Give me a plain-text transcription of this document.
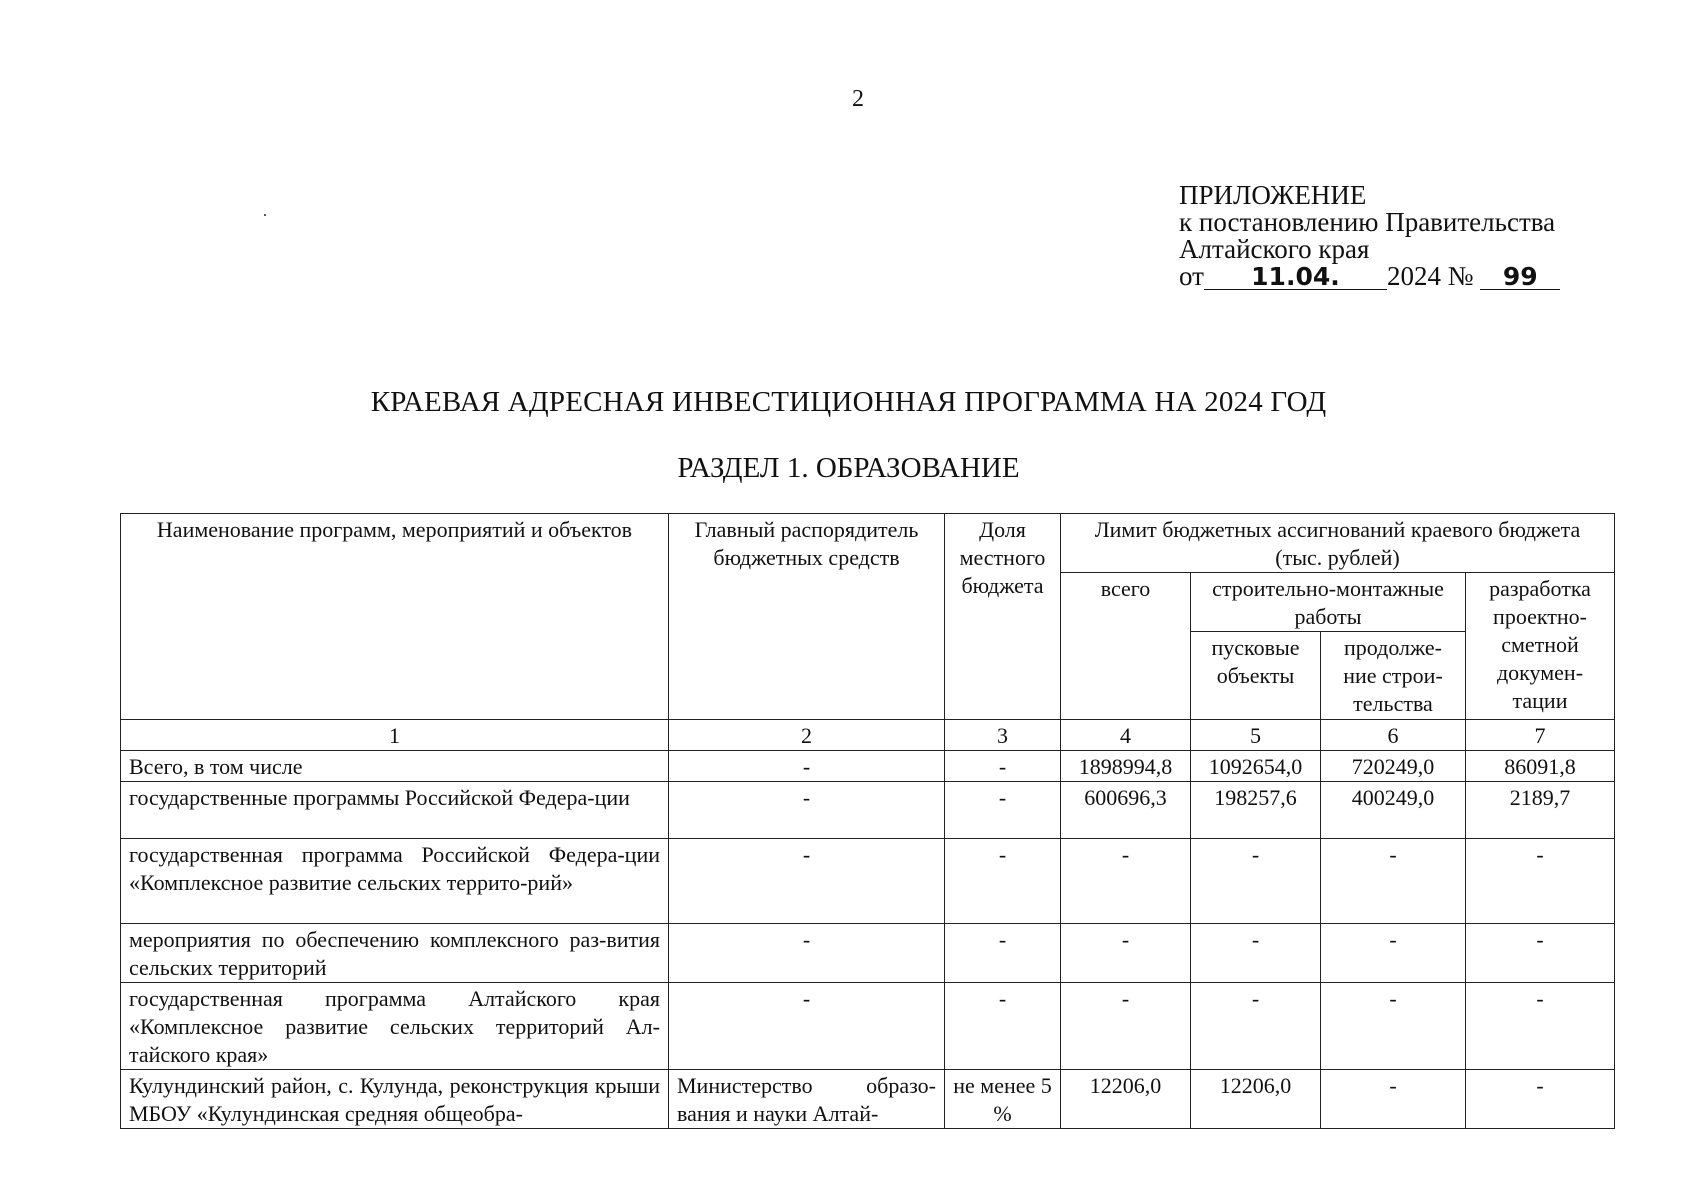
2
ПРИЛОЖЕНИЕ
к постановлению Правительства
Алтайского края
от 11.04. 2024 № 99
КРАЕВАЯ АДРЕСНАЯ ИНВЕСТИЦИОННАЯ ПРОГРАММА НА 2024 ГОД
РАЗДЕЛ 1. ОБРАЗОВАНИЕ
Наименование программ, мероприятий и объектов	Главный распорядитель бюджетных средств	Доля местного бюджета	Лимит бюджетных ассигнований краевого бюджета (тыс. рублей)			
			всего	строительно-монтажные работы		разработка проектно-сметной докумен-тации
				пусковые объекты	продолже-ние строи-тельства	
1	2	3	4	5	6	7
Всего, в том числе	-	-	1898994,8	1092654,0	720249,0	86091,8
государственные программы Российской Федера-ции	-	-	600696,3	198257,6	400249,0	2189,7
государственная программа Российской Федера-ции «Комплексное развитие сельских террито-рий»	-	-	-	-	-	-
мероприятия по обеспечению комплексного раз-вития сельских территорий	-	-	-	-	-	-
государственная программа Алтайского края «Комплексное развитие сельских территорий Ал-тайского края»	-	-	-	-	-	-
Кулундинский район, с. Кулунда, реконструкция крыши МБОУ «Кулундинская средняя общеобра-	Министерство образо-вания и науки Алтай-	не менее 5 %	12206,0	12206,0	-	-
